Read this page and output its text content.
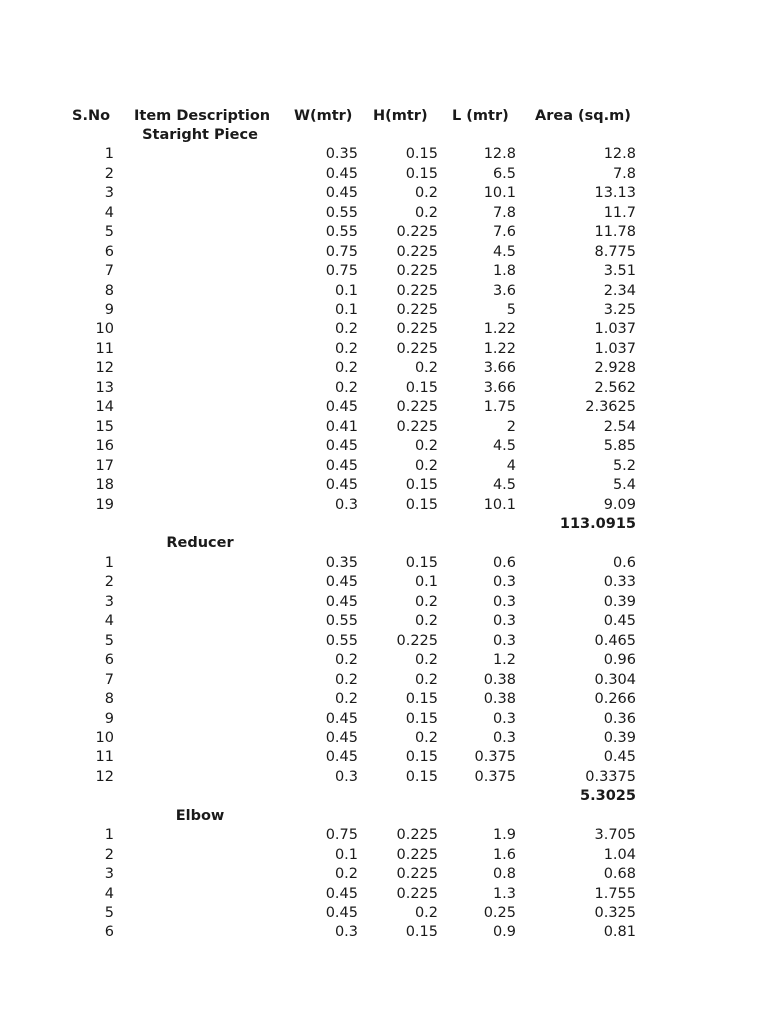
S.No Item Description W(mtr) H(mtr) L (mtr) Area (sq.m)
Staright Piece
1	0.35	0.15	12.8	12.8
2	0.45	0.15	6.5	7.8
3	0.45	0.2	10.1	13.13
4	0.55	0.2	7.8	11.7
5	0.55	0.225	7.6	11.78
6	0.75	0.225	4.5	8.775
7	0.75	0.225	1.8	3.51
8	0.1	0.225	3.6	2.34
9	0.1	0.225	5	3.25
10	0.2	0.225	1.22	1.037
11	0.2	0.225	1.22	1.037
12	0.2	0.2	3.66	2.928
13	0.2	0.15	3.66	2.562
14	0.45	0.225	1.75	2.3625
15	0.41	0.225	2	2.54
16	0.45	0.2	4.5	5.85
17	0.45	0.2	4	5.2
18	0.45	0.15	4.5	5.4
19	0.3	0.15	10.1	9.09
113.0915
Reducer
1	0.35	0.15	0.6	0.6
2	0.45	0.1	0.3	0.33
3	0.45	0.2	0.3	0.39
4	0.55	0.2	0.3	0.45
5	0.55	0.225	0.3	0.465
6	0.2	0.2	1.2	0.96
7	0.2	0.2	0.38	0.304
8	0.2	0.15	0.38	0.266
9	0.45	0.15	0.3	0.36
10	0.45	0.2	0.3	0.39
11	0.45	0.15	0.375	0.45
12	0.3	0.15	0.375	0.3375
5.3025
Elbow
1	0.75	0.225	1.9	3.705
2	0.1	0.225	1.6	1.04
3	0.2	0.225	0.8	0.68
4	0.45	0.225	1.3	1.755
5	0.45	0.2	0.25	0.325
6	0.3	0.15	0.9	0.81
